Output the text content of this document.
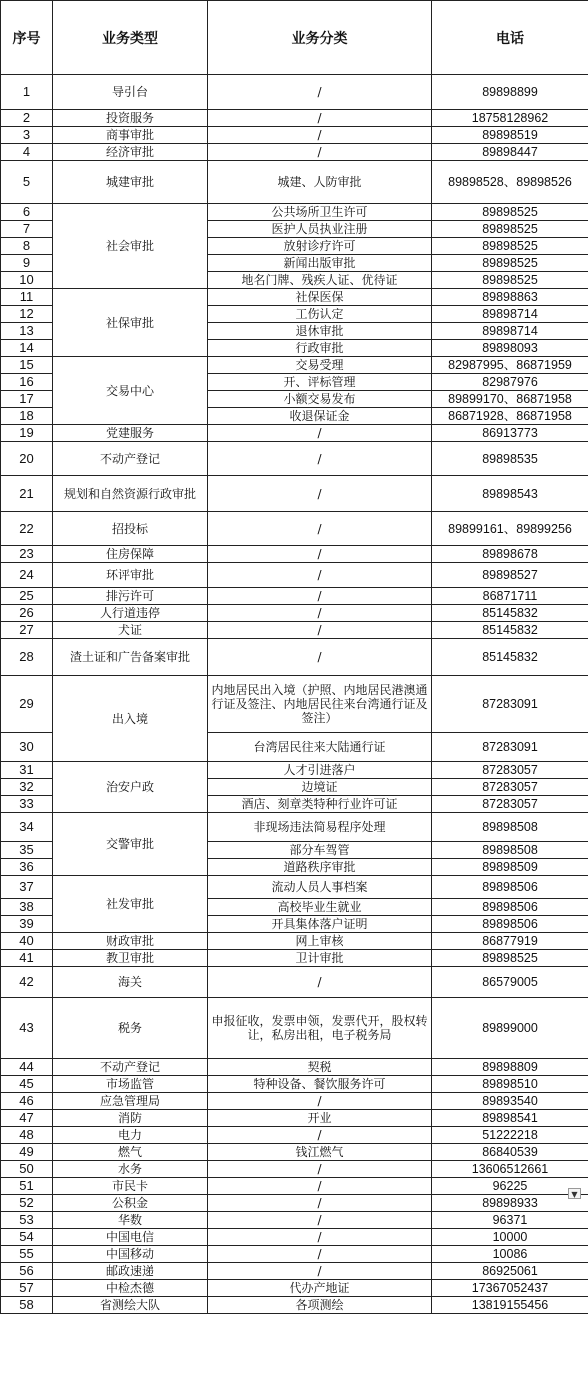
序号	业务类型	业务分类	电话
1	导引台	/	89898899
2	投资服务	/	18758128962
3	商事审批	/	89898519
4	经济审批	/	89898447
5	城建审批	城建、人防审批	89898528、89898526
6	社会审批	公共场所卫生许可	89898525
7		医护人员执业注册	89898525
8		放射诊疗许可	89898525
9		新闻出版审批	89898525
10		地名门牌、残疾人证、优待证	89898525
11	社保审批	社保医保	89898863
12		工伤认定	89898714
13		退休审批	89898714
14		行政审批	89898093
15	交易中心	交易受理	82987995、86871959
16		开、评标管理	82987976
17		小额交易发布	89899170、86871958
18		收退保证金	86871928、86871958
19	党建服务	/	86913773
20	不动产登记	/	89898535
21	规划和自然资源行政审批	/	89898543
22	招投标	/	89899161、89899256
23	住房保障	/	89898678
24	环评审批	/	89898527
25	排污许可	/	86871711
26	人行道违停	/	85145832
27	犬证	/	85145832
28	渣土证和广告备案审批	/	85145832
29	出入境	内地居民出入境（护照、内地居民港澳通行证及签注、内地居民往来台湾通行证及签注）	87283091
30		台湾居民往来大陆通行证	87283091
31	治安户政	人才引进落户	87283057
32		边境证	87283057
33		酒店、刻章类特种行业许可证	87283057
34	交警审批	非现场违法简易程序处理	89898508
35		部分车驾管	89898508
36		道路秩序审批	89898509
37	社发审批	流动人员人事档案	89898506
38		高校毕业生就业	89898506
39		开具集体落户证明	89898506
40	财政审批	网上审核	86877919
41	教卫审批	卫计审批	89898525
42	海关	/	86579005
43	税务	申报征收，发票申领，发票代开，股权转让，私房出租，电子税务局	89899000
44	不动产登记	契税	89898809
45	市场监管	特种设备、餐饮服务许可	89898510
46	应急管理局	/	89893540
47	消防	开业	89898541
48	电力	/	51222218
49	燃气	钱江燃气	86840539
50	水务	/	13606512661
51	市民卡	/	96225
52	公积金	/	89898933
53	华数	/	96371
54	中国电信	/	10000
55	中国移动	/	10086
56	邮政速递	/	86925061
57	中检杰德	代办产地证	17367052437
58	省测绘大队	各项测绘	13819155456
▼
